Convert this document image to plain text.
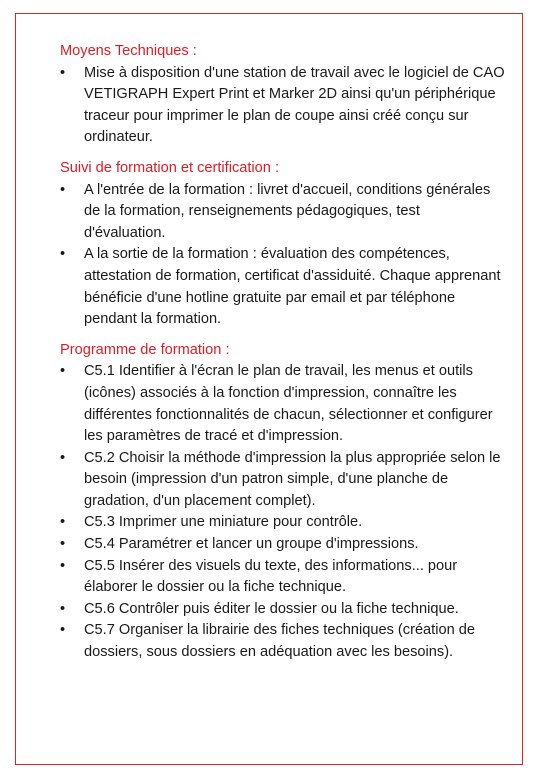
Moyens Techniques :

•	Mise à disposition d'une station de travail avec le logiciel de CAO VETIGRAPH Expert Print et Marker 2D ainsi qu'un périphérique traceur pour imprimer le plan de coupe ainsi créé conçu sur ordinateur.

Suivi de formation et certification :

•	A l'entrée de la formation : livret d'accueil, conditions générales de la formation, renseignements pédagogiques, test d'évaluation.
•	A la sortie de la formation : évaluation des compétences, attestation de formation, certificat d'assiduité. Chaque apprenant bénéficie d'une hotline gratuite par email et par téléphone pendant la formation.

Programme de formation :

•	C5.1 Identifier à l'écran le plan de travail, les menus et outils (icônes) associés à la fonction d'impression, connaître les différentes fonctionnalités de chacun, sélectionner et configurer les paramètres de tracé et d'impression.
•	C5.2 Choisir la méthode d'impression la plus appropriée selon le besoin (impression d'un patron simple, d'une planche de gradation, d'un placement complet).
•	C5.3 Imprimer une miniature pour contrôle.
•	C5.4 Paramétrer et lancer un groupe d'impressions.
•	C5.5 Insérer des visuels du texte, des informations... pour élaborer le dossier ou la fiche technique.
•	C5.6 Contrôler puis éditer le dossier ou la fiche technique.
•	C5.7 Organiser la librairie des fiches techniques (création de dossiers, sous dossiers en adéquation avec les besoins).
